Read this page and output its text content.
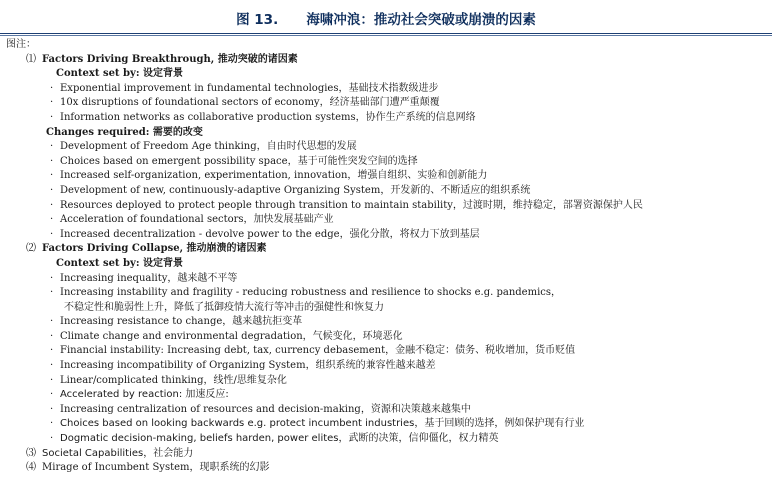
图 13.      海啸冲浪：推动社会突破或崩溃的因素
图注：
⑴ Factors Driving Breakthrough, 推动突破的诸因素
Context set by: 设定背景
· Exponential improvement in fundamental technologies，基础技术指数级进步
· 10x disruptions of foundational sectors of economy，经济基础部门遭严重颠覆
· Information networks as collaborative production systems，协作生产系统的信息网络
Changes required: 需要的改变
· Development of Freedom Age thinking，自由时代思想的发展
· Choices based on emergent possibility space，基于可能性突发空间的选择
· Increased self-organization, experimentation, innovation，增强自组织、实验和创新能力
· Development of new, continuously-adaptive Organizing System，开发新的、不断适应的组织系统
· Resources deployed to protect people through transition to maintain stability，过渡时期，维持稳定，部署资源保护人民
· Acceleration of foundational sectors，加快发展基础产业
· Increased decentralization - devolve power to the edge，强化分散，将权力下放到基层
⑵ Factors Driving Collapse, 推动崩溃的诸因素
Context set by: 设定背景
· Increasing inequality，越来越不平等
· Increasing instability and fragility - reducing robustness and resilience to shocks e.g. pandemics，
不稳定性和脆弱性上升，降低了抵御疫情大流行等冲击的强健性和恢复力
· Increasing resistance to change，越来越抗拒变革
· Climate change and environmental degradation，气候变化，环境恶化
· Financial instability: Increasing debt, tax, currency debasement，金融不稳定：债务、税收增加，货币贬值
· Increasing incompatibility of Organizing System，组织系统的兼容性越来越差
· Linear/complicated thinking，线性/思维复杂化
· Accelerated by reaction: 加速反应:
· Increasing centralization of resources and decision-making，资源和决策越来越集中
· Choices based on looking backwards e.g. protect incumbent industries，基于回顾的选择，例如保护现有行业
· Dogmatic decision-making, beliefs harden, power elites，武断的决策，信仰僵化，权力精英
⑶ Societal Capabilities，社会能力
⑷ Mirage of Incumbent System，现职系统的幻影
